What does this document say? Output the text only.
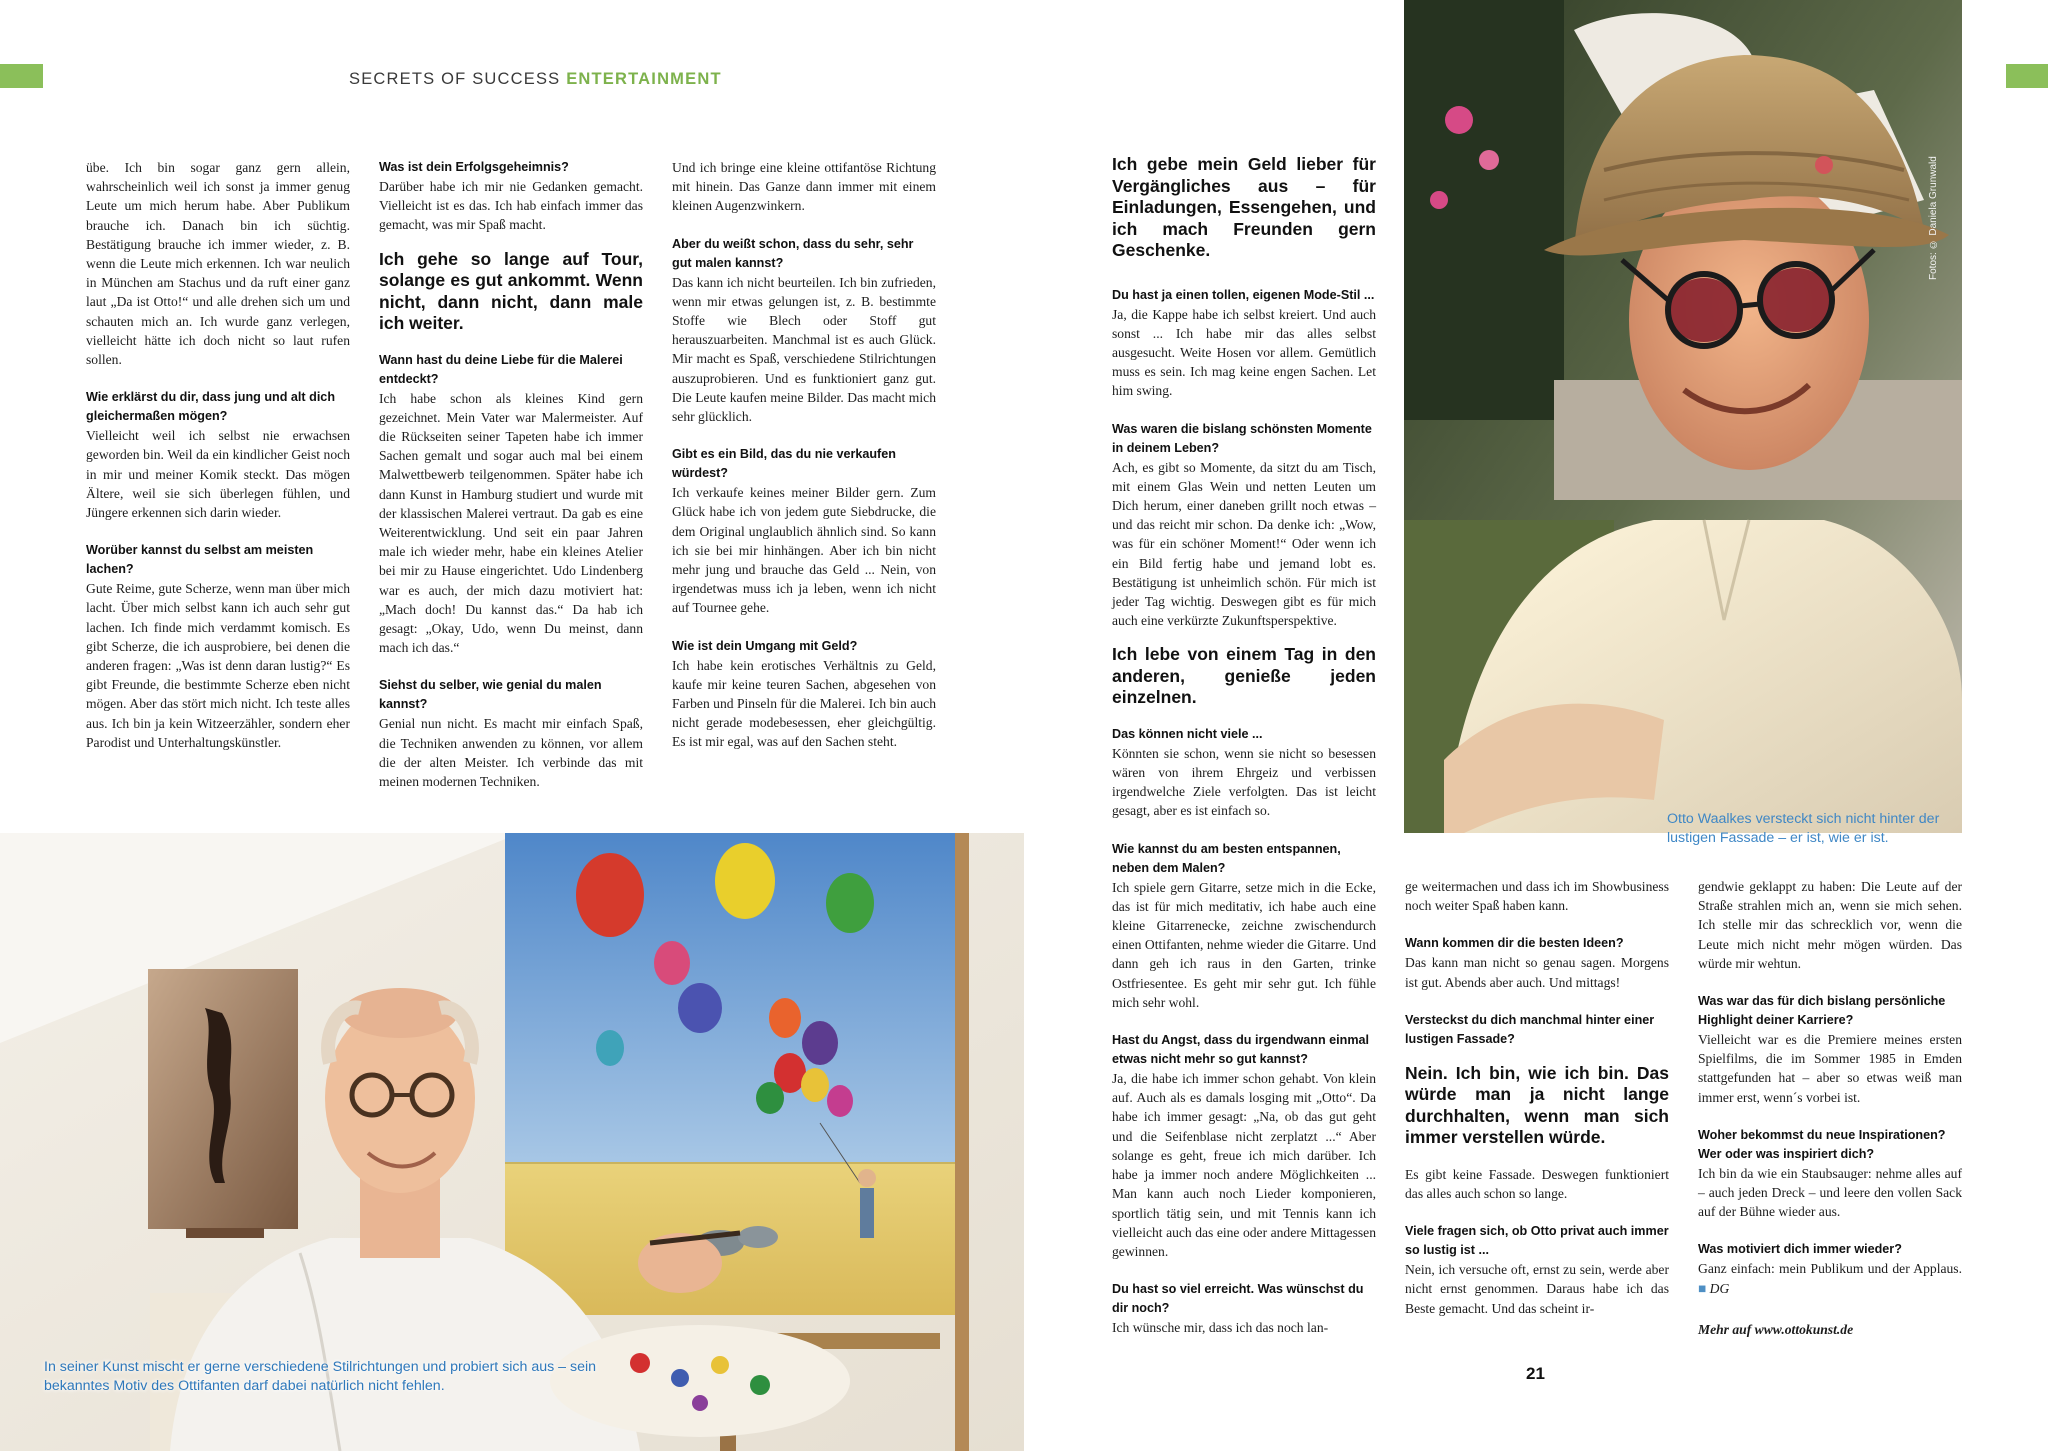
SECRETS OF SUCCESS ENTERTAINMENT

übe. Ich bin sogar ganz gern allein, wahrscheinlich weil ich sonst ja immer genug Leute um mich herum habe. Aber Publikum brauche ich. Danach bin ich süchtig. Bestätigung brauche ich immer wieder, z. B. wenn die Leute mich erkennen. Ich war neulich in München am Stachus und da ruft einer ganz laut „Da ist Otto!“ und alle drehen sich um und schauten mich an. Ich wurde ganz verlegen, vielleicht hätte ich doch nicht so laut rufen sollen.

Wie erklärst du dir, dass jung und alt dich gleichermaßen mögen?

Vielleicht weil ich selbst nie erwachsen geworden bin. Weil da ein kindlicher Geist noch in mir und meiner Komik steckt. Das mögen Ältere, weil sie sich überlegen fühlen, und Jüngere erkennen sich darin wieder.

Worüber kannst du selbst am meisten lachen?

Gute Reime, gute Scherze, wenn man über mich lacht. Über mich selbst kann ich auch sehr gut lachen. Ich finde mich verdammt komisch. Es gibt Scherze, die ich ausprobiere, bei denen die anderen fragen: „Was ist denn daran lustig?“ Es gibt Freunde, die bestimmte Scherze eben nicht mögen. Aber das stört mich nicht. Ich teste alles aus. Ich bin ja kein Witzeerzähler, sondern eher Parodist und Unterhaltungskünstler.

Was ist dein Erfolgsgeheimnis?

Darüber habe ich mir nie Gedanken gemacht. Vielleicht ist es das. Ich hab einfach immer das gemacht, was mir Spaß macht.

Ich gehe so lange auf Tour, solange es gut ankommt. Wenn nicht, dann nicht, dann male ich weiter.

Wann hast du deine Liebe für die Malerei entdeckt?

Ich habe schon als kleines Kind gern gezeichnet. Mein Vater war Malermeister. Auf die Rückseiten seiner Tapeten habe ich immer Sachen gemalt und sogar auch mal bei einem Malwettbewerb teilgenommen. Später habe ich dann Kunst in Hamburg studiert und wurde mit der klassischen Malerei vertraut. Da gab es eine Weiterentwicklung. Und seit ein paar Jahren male ich wieder mehr, habe ein kleines Atelier bei mir zu Hause eingerichtet. Udo Lindenberg war es auch, der mich dazu motiviert hat: „Mach doch! Du kannst das.“ Da hab ich gesagt: „Okay, Udo, wenn Du meinst, dann mach ich das.“

Siehst du selber, wie genial du malen kannst?

Genial nun nicht. Es macht mir einfach Spaß, die Techniken anwenden zu können, vor allem die der alten Meister. Ich verbinde das mit meinen modernen Techniken.

Und ich bringe eine kleine ottifantöse Richtung mit hinein. Das Ganze dann immer mit einem kleinen Augenzwinkern.

Aber du weißt schon, dass du sehr, sehr gut malen kannst?

Das kann ich nicht beurteilen. Ich bin zufrieden, wenn mir etwas gelungen ist, z. B. bestimmte Stoffe wie Blech oder Stoff gut herauszuarbeiten. Manchmal ist es auch Glück. Mir macht es Spaß, verschiedene Stilrichtungen auszuprobieren. Und es funktioniert ganz gut. Die Leute kaufen meine Bilder. Das macht mich sehr glücklich.

Gibt es ein Bild, das du nie verkaufen würdest?

Ich verkaufe keines meiner Bilder gern. Zum Glück habe ich von jedem gute Siebdrucke, die dem Original unglaublich ähnlich sind. So kann ich sie bei mir hinhängen. Aber ich bin nicht mehr jung und brauche das Geld ... Nein, von irgendetwas muss ich ja leben, wenn ich nicht auf Tournee gehe.

Wie ist dein Umgang mit Geld?

Ich habe kein erotisches Verhältnis zu Geld, kaufe mir keine teuren Sachen, abgesehen von Farben und Pinseln für die Malerei. Ich bin auch nicht gerade modebesessen, eher gleichgültig. Es ist mir egal, was auf den Sachen steht.

In seiner Kunst mischt er gerne verschiedene Stilrichtungen und probiert sich aus – sein bekanntes Motiv des Ottifanten darf dabei natürlich nicht fehlen.
Fotos: © Daniela Grunwald
Otto Waalkes versteckt sich nicht hinter der lustigen Fassade – er ist, wie er ist.

Ich gebe mein Geld lieber für Vergängliches aus – für Einladungen, Essengehen, und ich mach Freunden gern Geschenke.

Du hast ja einen tollen, eigenen Mode-Stil ...

Ja, die Kappe habe ich selbst kreiert. Und auch sonst ... Ich habe mir das alles selbst ausgesucht. Weite Hosen vor allem. Gemütlich muss es sein. Ich mag keine engen Sachen. Let him swing.

Was waren die bislang schönsten Momente in deinem Leben?

Ach, es gibt so Momente, da sitzt du am Tisch, mit einem Glas Wein und netten Leuten um Dich herum, einer daneben grillt noch etwas – und das reicht mir schon. Da denke ich: „Wow, was für ein schöner Moment!“ Oder wenn ich ein Bild fertig habe und jemand lobt es. Bestätigung ist unheimlich schön. Für mich ist jeder Tag wichtig. Deswegen gibt es für mich auch eine verkürzte Zukunftsperspektive.

Ich lebe von einem Tag in den anderen, genieße jeden einzelnen.

Das können nicht viele ...

Könnten sie schon, wenn sie nicht so besessen wären von ihrem Ehrgeiz und verbissen irgendwelche Ziele verfolgten. Das ist leicht gesagt, aber es ist einfach so.

Wie kannst du am besten entspannen, neben dem Malen?

Ich spiele gern Gitarre, setze mich in die Ecke, das ist für mich meditativ, ich habe auch eine kleine Gitarrenecke, zeichne zwischendurch einen Ottifanten, nehme wieder die Gitarre. Und dann geh ich raus in den Garten, trinke Ostfriesentee. Es geht mir sehr gut. Ich fühle mich sehr wohl.

Hast du Angst, dass du irgendwann einmal etwas nicht mehr so gut kannst?

Ja, die habe ich immer schon gehabt. Von klein auf. Auch als es damals losging mit „Otto“. Da habe ich immer gesagt: „Na, ob das gut geht und die Seifenblase nicht zerplatzt ...“ Aber solange es geht, freue ich mich darüber. Ich habe ja immer noch andere Möglichkeiten ... Man kann auch noch Lieder komponieren, sportlich tätig sein, und mit Tennis kann ich vielleicht auch das eine oder andere Mittagessen gewinnen.

Du hast so viel erreicht. Was wünschst du dir noch?

Ich wünsche mir, dass ich das noch lan-

ge weitermachen und dass ich im Showbusiness noch weiter Spaß haben kann.

Wann kommen dir die besten Ideen?

Das kann man nicht so genau sagen. Morgens ist gut. Abends aber auch. Und mittags!

Versteckst du dich manchmal hinter einer lustigen Fassade?

Nein. Ich bin, wie ich bin. Das würde man ja nicht lange durchhalten, wenn man sich immer verstellen würde.

Es gibt keine Fassade. Deswegen funktioniert das alles auch schon so lange.

Viele fragen sich, ob Otto privat auch immer so lustig ist ...

Nein, ich versuche oft, ernst zu sein, werde aber nicht ernst genommen. Daraus habe ich das Beste gemacht. Und das scheint ir-

gendwie geklappt zu haben: Die Leute auf der Straße strahlen mich an, wenn sie mich sehen. Ich stelle mir das schrecklich vor, wenn die Leute mich nicht mehr mögen würden. Das würde mir wehtun.

Was war das für dich bislang persönliche Highlight deiner Karriere?

Vielleicht war es die Premiere meines ersten Spielfilms, die im Sommer 1985 in Emden stattgefunden hat – aber so etwas weiß man immer erst, wenn´s vorbei ist.

Woher bekommst du neue Inspirationen? Wer oder was inspiriert dich?

Ich bin da wie ein Staubsauger: nehme alles auf – auch jeden Dreck – und leere den vollen Sack auf der Bühne wieder aus.

Was motiviert dich immer wieder?

Ganz einfach: mein Publikum und der Applaus. ■ DG

Mehr auf www.ottokunst.de

21
